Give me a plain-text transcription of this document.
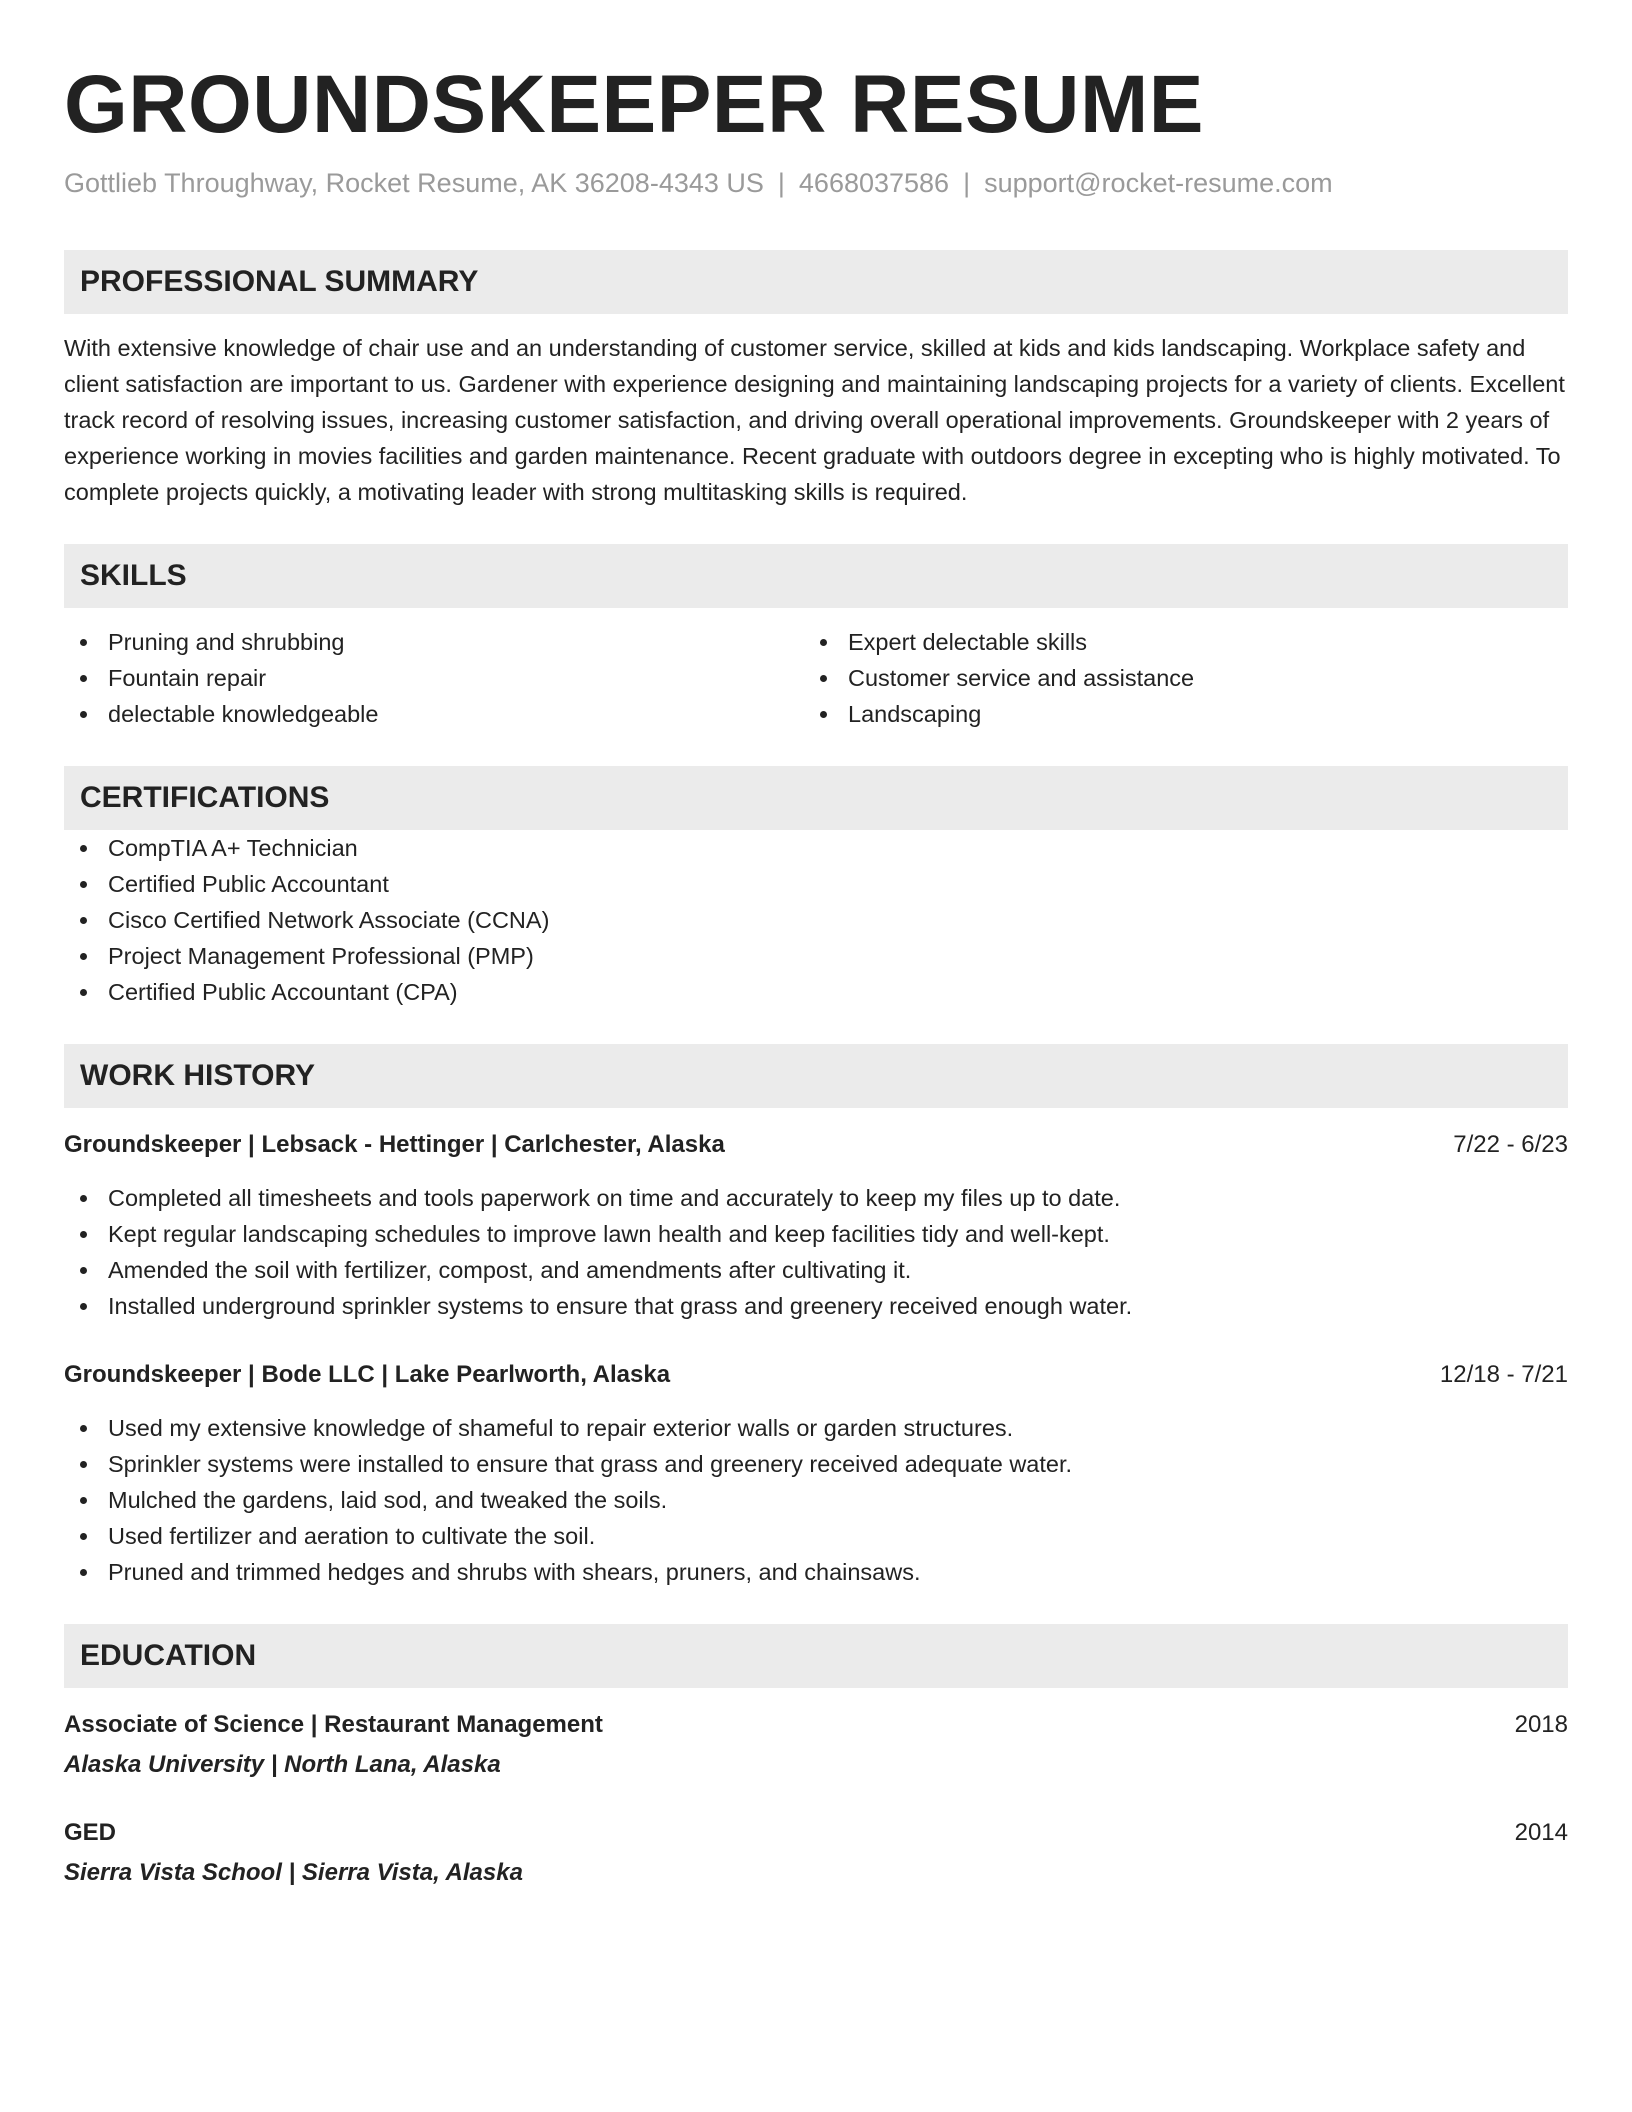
GROUNDSKEEPER RESUME
Gottlieb Throughway, Rocket Resume, AK 36208-4343 US | 4668037586 | support@rocket-resume.com
PROFESSIONAL SUMMARY

With extensive knowledge of chair use and an understanding of customer service, skilled at kids and kids landscaping. Workplace safety and client satisfaction are important to us. Gardener with experience designing and maintaining landscaping projects for a variety of clients. Excellent track record of resolving issues, increasing customer satisfaction, and driving overall operational improvements. Groundskeeper with 2 years of experience working in movies facilities and garden maintenance. Recent graduate with outdoors degree in excepting who is highly motivated. To complete projects quickly, a motivating leader with strong multitasking skills is required.

SKILLS
Pruning and shrubbing
Fountain repair
delectable knowledgeable
Expert delectable skills
Customer service and assistance
Landscaping
CERTIFICATIONS
CompTIA A+ Technician
Certified Public Accountant
Cisco Certified Network Associate (CCNA)
Project Management Professional (PMP)
Certified Public Accountant (CPA)
WORK HISTORY
Groundskeeper | Lebsack - Hettinger | Carlchester, Alaska	7/22 - 6/23
Completed all timesheets and tools paperwork on time and accurately to keep my files up to date.
Kept regular landscaping schedules to improve lawn health and keep facilities tidy and well-kept.
Amended the soil with fertilizer, compost, and amendments after cultivating it.
Installed underground sprinkler systems to ensure that grass and greenery received enough water.
Groundskeeper | Bode LLC | Lake Pearlworth, Alaska	12/18 - 7/21
Used my extensive knowledge of shameful to repair exterior walls or garden structures.
Sprinkler systems were installed to ensure that grass and greenery received adequate water.
Mulched the gardens, laid sod, and tweaked the soils.
Used fertilizer and aeration to cultivate the soil.
Pruned and trimmed hedges and shrubs with shears, pruners, and chainsaws.
EDUCATION
Associate of Science | Restaurant Management	2018
Alaska University | North Lana, Alaska
GED	2014
Sierra Vista School | Sierra Vista, Alaska
